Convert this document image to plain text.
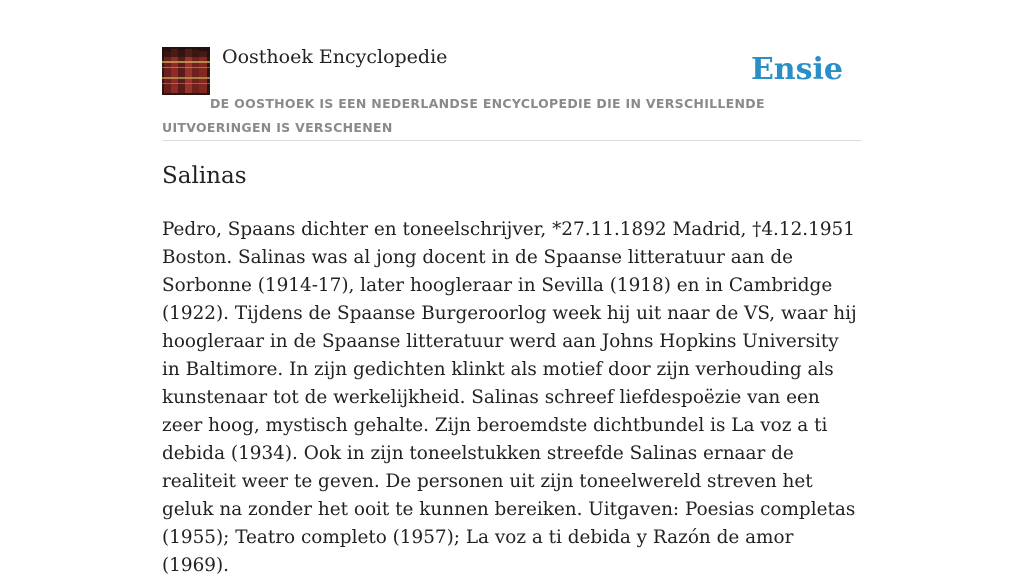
Oosthoek Encyclopedie	Ensie
DE OOSTHOEK IS EEN NEDERLANDSE ENCYCLOPEDIE DIE IN VERSCHILLENDE UITVOERINGEN IS VERSCHENEN
Salinas

Pedro, Spaans dichter en toneelschrijver, *27.11.1892 Madrid, †4.12.1951 Boston. Salinas was al jong docent in de Spaanse litteratuur aan de Sorbonne (1914-17), later hoogleraar in Sevilla (1918) en in Cambridge (1922). Tijdens de Spaanse Burgeroorlog week hij uit naar de VS, waar hij hoogleraar in de Spaanse litteratuur werd aan Johns Hopkins University in Baltimore. In zijn gedichten klinkt als motief door zijn verhouding als kunstenaar tot de werkelijkheid. Salinas schreef liefdespoëzie van een zeer hoog, mystisch gehalte. Zijn beroemdste dichtbundel is La voz a ti debida (1934). Ook in zijn toneelstukken streefde Salinas ernaar de realiteit weer te geven. De personen uit zijn toneelwereld streven het geluk na zonder het ooit te kunnen bereiken. Uitgaven: Poesias completas (1955); Teatro completo (1957); La voz a ti debida y Razón de amor (1969).
